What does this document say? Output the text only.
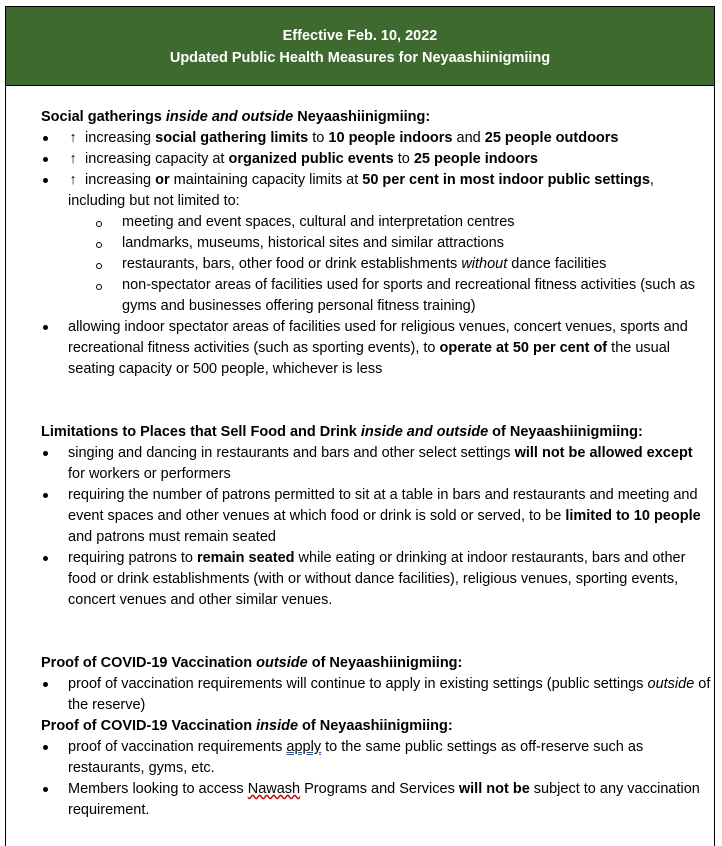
Effective Feb. 10, 2022
Updated Public Health Measures for Neyaashiinigmiing

Social gatherings inside and outside Neyaashiinigmiing:

↑ increasing social gathering limits to 10 people indoors and 25 people outdoors
↑ increasing capacity at organized public events to 25 people indoors
↑ increasing or maintaining capacity limits at 50 per cent in most indoor public settings, including but not limited to:
meeting and event spaces, cultural and interpretation centres
landmarks, museums, historical sites and similar attractions
restaurants, bars, other food or drink establishments without dance facilities
non-spectator areas of facilities used for sports and recreational fitness activities (such as gyms and businesses offering personal fitness training)
allowing indoor spectator areas of facilities used for religious venues, concert venues, sports and recreational fitness activities (such as sporting events), to operate at 50 per cent of the usual seating capacity or 500 people, whichever is less

Limitations to Places that Sell Food and Drink inside and outside of Neyaashiinigmiing:

singing and dancing in restaurants and bars and other select settings will not be allowed except for workers or performers
requiring the number of patrons permitted to sit at a table in bars and restaurants and meeting and event spaces and other venues at which food or drink is sold or served, to be limited to 10 people and patrons must remain seated
requiring patrons to remain seated while eating or drinking at indoor restaurants, bars and other food or drink establishments (with or without dance facilities), religious venues, sporting events, concert venues and other similar venues.

Proof of COVID-19 Vaccination outside of Neyaashiinigmiing:

proof of vaccination requirements will continue to apply in existing settings (public settings outside of the reserve)

Proof of COVID-19 Vaccination inside of Neyaashiinigmiing:

proof of vaccination requirements apply to the same public settings as off-reserve such as restaurants, gyms, etc.
Members looking to access Nawash Programs and Services will not be subject to any vaccination requirement.
